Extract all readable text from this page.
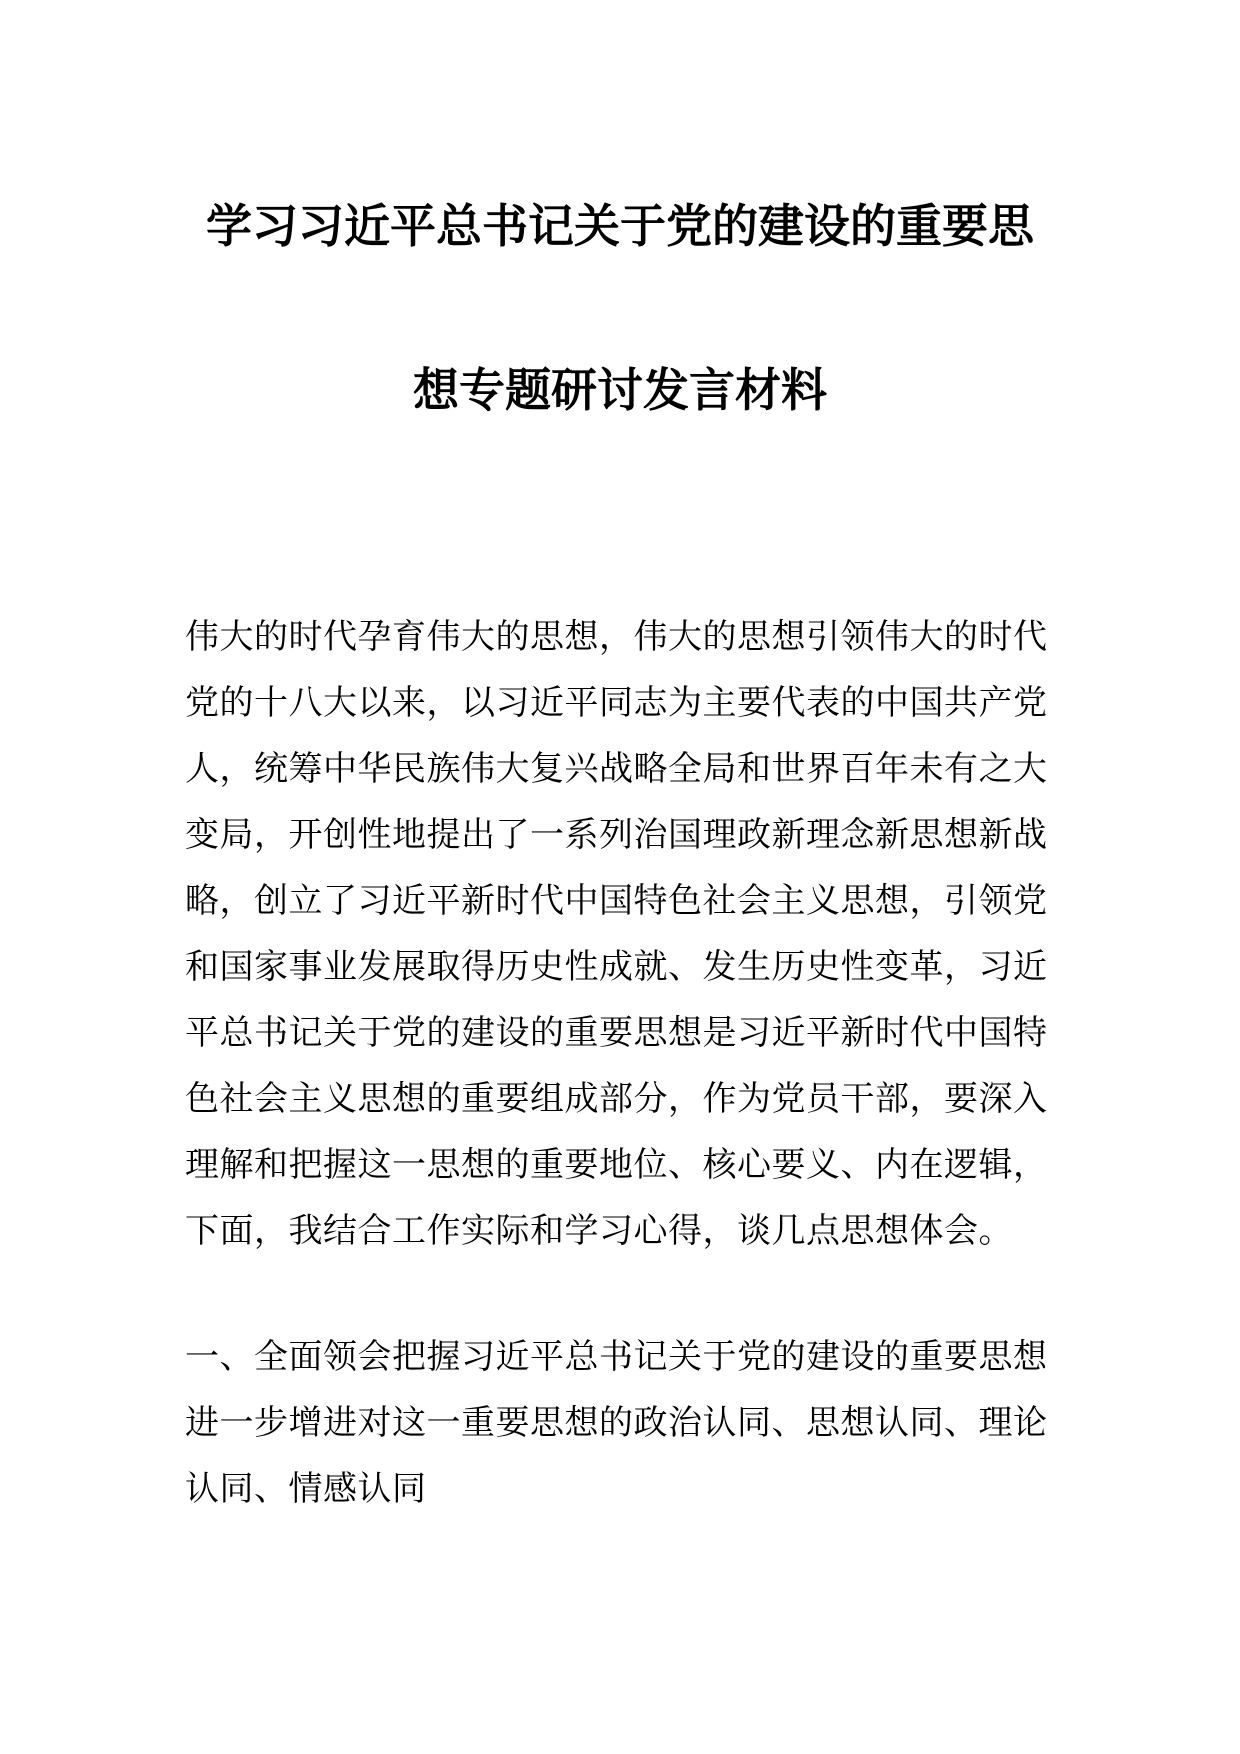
学习习近平总书记关于党的建设的重要思
想专题研讨发言材料
伟大的时代孕育伟大的思想，伟大的思想引领伟大的时代
党的十八大以来，以习近平同志为主要代表的中国共产党
人，统筹中华民族伟大复兴战略全局和世界百年未有之大
变局，开创性地提出了一系列治国理政新理念新思想新战
略，创立了习近平新时代中国特色社会主义思想，引领党
和国家事业发展取得历史性成就、发生历史性变革，习近
平总书记关于党的建设的重要思想是习近平新时代中国特
色社会主义思想的重要组成部分，作为党员干部，要深入
理解和把握这一思想的重要地位、核心要义、内在逻辑，
下面，我结合工作实际和学习心得，谈几点思想体会。
一、全面领会把握习近平总书记关于党的建设的重要思想
进一步增进对这一重要思想的政治认同、思想认同、理论
认同、情感认同
